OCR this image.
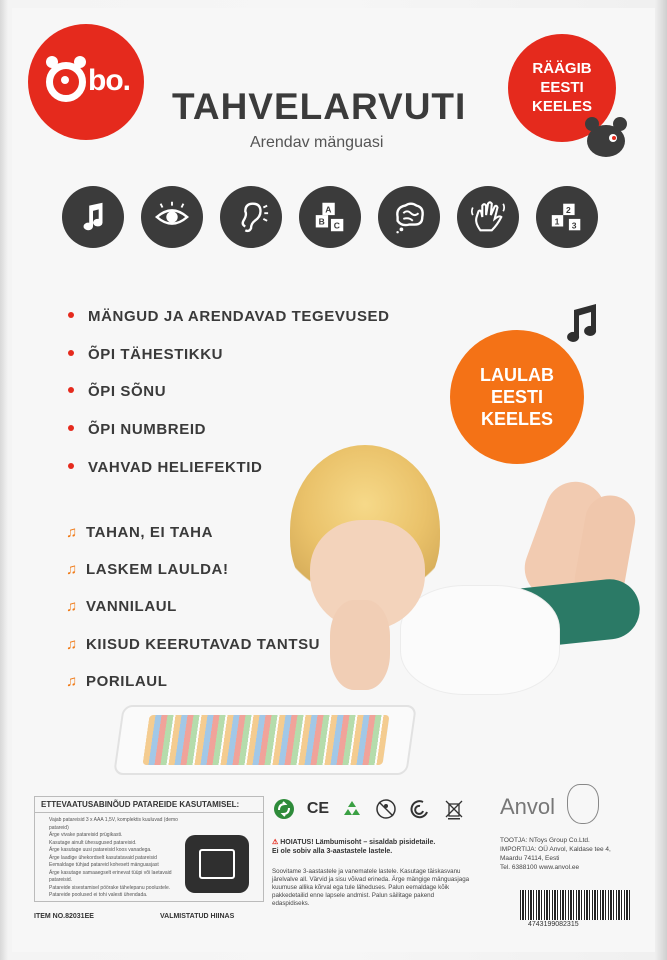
bo.
TAHVELARVUTI
Arendav mänguasi
RÄÄGIB
EESTI
KEELES
A
B C	1
2
3
MÄNGUD JA ARENDAVAD TEGEVUSED
ÕPI TÄHESTIKKU
ÕPI SÕNU
ÕPI NUMBREID
VAHVAD HELIEFEKTID
♫ TAHAN, EI TAHA
♫ LASKEM LAULDA!
♫ VANNILAUL
♫ KIISUD KEERUTAVAD TANTSU
♫ PORILAUL
LAULAB
EESTI
KEELES
ETTEVAATUSABINÕUD PATAREIDE KASUTAMISEL:
Vajab patareisid 3 x AAA 1,5V, komplektis kuuluvad (demo patareid)
Ärge vivake patareisid prügikasti.
Kasutage ainult ühesugused patareisid.
Ärge kasutage uusi patareisid koos vanadega.
Ärge laadige ühekordselt kasutatavaid patareisid
Eemaldage tühjad patareid kohesett mänguasjast
Ärge kasutage samaaegselt erinevat tüüpi või laetavaid patareisid.
Patareide sisestamisel pöörake tähelepanu poolustele. Patareide poolused ei tohi valesti ühendada.
ITEM NO.82031EE	VALMISTATUD HIINAS
CE	Anvol
⚠ HOIATUS! Lämbumisoht – sisaldab pisidetaile.
Ei ole sobiv alla 3-aastastele lastele.
Soovitame 3-aastastele ja vanematele lastele. Kasutage täiskasvanu järelvalve all. Värvid ja sisu võivad erineda. Ärge mängige mänguasjaga kuumuse allika kõrval ega tule läheduses. Palun eemaldage kõik pakkedetailid enne lapsele andmist. Palun säilitage pakend edaspidiseks.
TOOTJA: NToys Group Co.Ltd.
IMPORTIJA: OÜ Anvol, Kaldase tee 4,
Maardu 74114, Eesti
Tel. 6388100 www.anvol.ee
4743199082315
